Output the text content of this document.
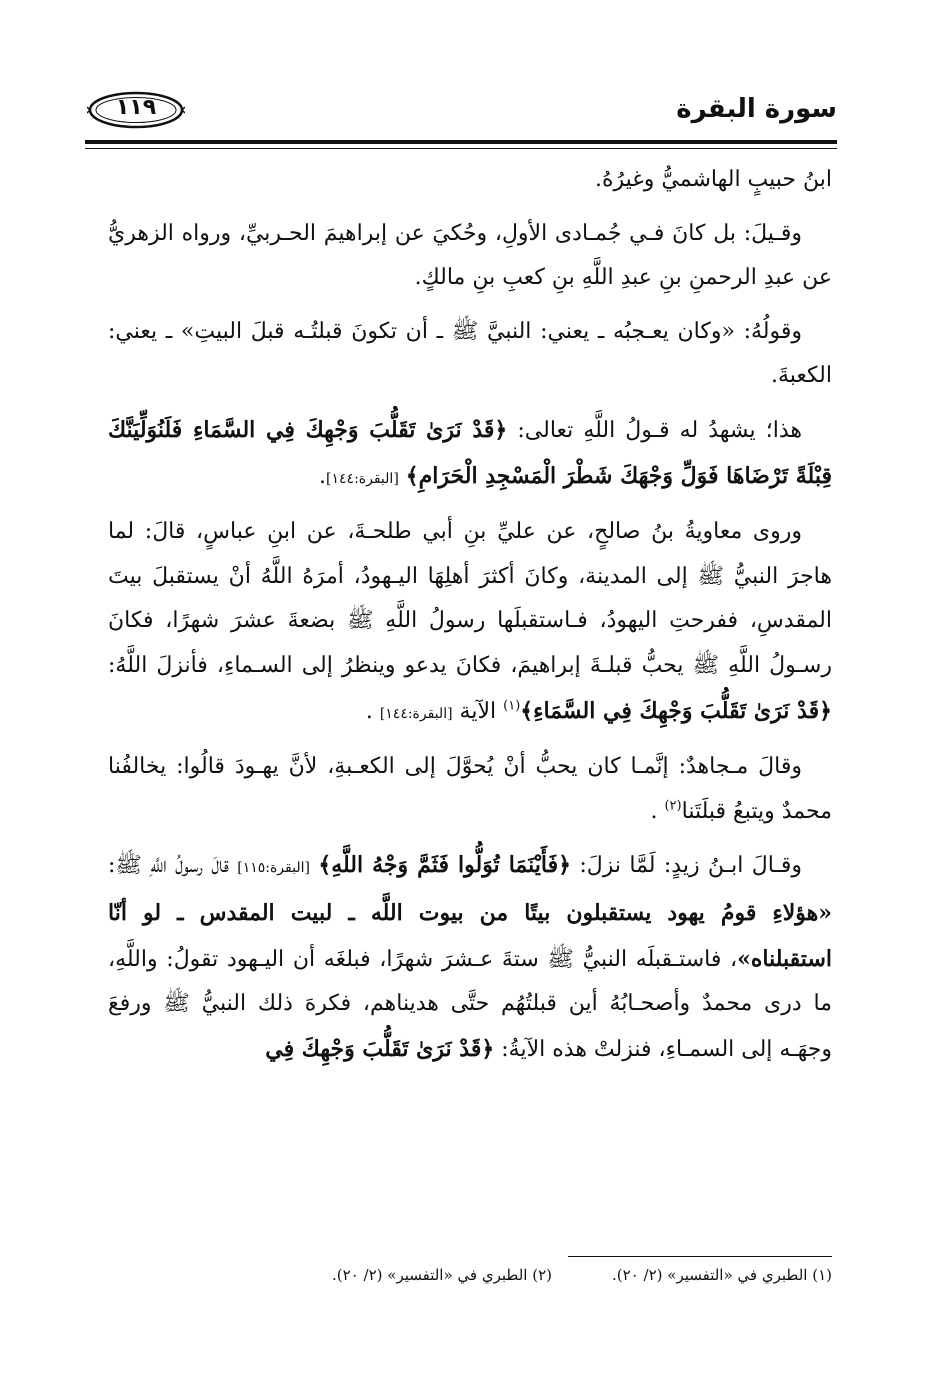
سورة البقرة
١١٩

ابنُ حبيبٍ الهاشميُّ وغيرُهُ.

وقـيلَ: بل كانَ فـي جُمـادى الأولِ، وحُكيَ عن إبراهيمَ الحـربيِّ، ورواه الزهريُّ عن عبدِ الرحمنِ بنِ عبدِ اللَّهِ بنِ كعبِ بنِ مالكٍ.

وقولُهُ: «وكان يعـجبُه ـ يعني: النبيَّ ﷺ ـ أن تكونَ قبلتُـه قبلَ البيتِ» ـ يعني: الكعبةَ.

هذا؛ يشهدُ له قـولُ اللَّهِ تعالى: ﴿قَدْ نَرَىٰ تَقَلُّبَ وَجْهِكَ فِي السَّمَاءِ فَلَنُوَلِّيَنَّكَ قِبْلَةً تَرْضَاهَا فَوَلِّ وَجْهَكَ شَطْرَ الْمَسْجِدِ الْحَرَامِ﴾ [البقرة:١٤٤].

وروى معاويةُ بنُ صالحٍ، عن عليِّ بنِ أبي طلحـةَ، عن ابنِ عباسٍ، قالَ: لما هاجرَ النبيُّ ﷺ إلى المدينة، وكانَ أكثرَ أهلِهَا اليـهودُ، أمرَهُ اللَّهُ أنْ يستقبلَ بيتَ المقدسِ، ففرحتِ اليهودُ، فـاستقبلَها رسولُ اللَّهِ ﷺ بضعةَ عشرَ شهرًا، فكانَ رسـولُ اللَّهِ ﷺ يحبُّ قبلـةَ إبراهيمَ، فكانَ يدعو وينظرُ إلى السـماءِ، فأنزلَ اللَّهُ: ﴿قَدْ نَرَىٰ تَقَلُّبَ وَجْهِكَ فِي السَّمَاءِ﴾$^{(١)}$ الآية [البقرة:١٤٤] .

وقالَ مـجاهدٌ: إنَّمـا كان يحبُّ أنْ يُحوَّلَ إلى الكعـبةِ، لأنَّ يهـودَ قالُوا: يخالفُنا محمدٌ ويتبعُ قبلَتَنا$^{(٢)}$ .

وقـالَ ابـنُ زيدٍ: لَمَّا نزلَ: ﴿فَأَيْنَمَا تُوَلُّوا فَثَمَّ وَجْهُ اللَّهِ﴾ [البقرة:١١٥] قالَ رسولُ اللَّهِ ﷺ: «هؤلاءِ قومُ يهود يستقبلون بيتًا من بيوت اللَّه ـ لبيت المقدس ـ لو أنّا استقبلناه»، فاستـقبلَه النبيُّ ﷺ ستةَ عـشرَ شهرًا، فبلغَه أن اليـهود تقولُ: واللَّهِ، ما درى محمدٌ وأصحـابُهُ أين قبلتُهُم حتَّى هديناهم، فكرهَ ذلك النبيُّ ﷺ ورفعَ وجهَـه إلى السمـاءِ، فنزلتْ هذه الآيةُ: ﴿قَدْ نَرَىٰ تَقَلُّبَ وَجْهِكَ فِي

(١) الطبري في «التفسير» (٢/ ٢٠).
(٢) الطبري في «التفسير» (٢/ ٢٠).
